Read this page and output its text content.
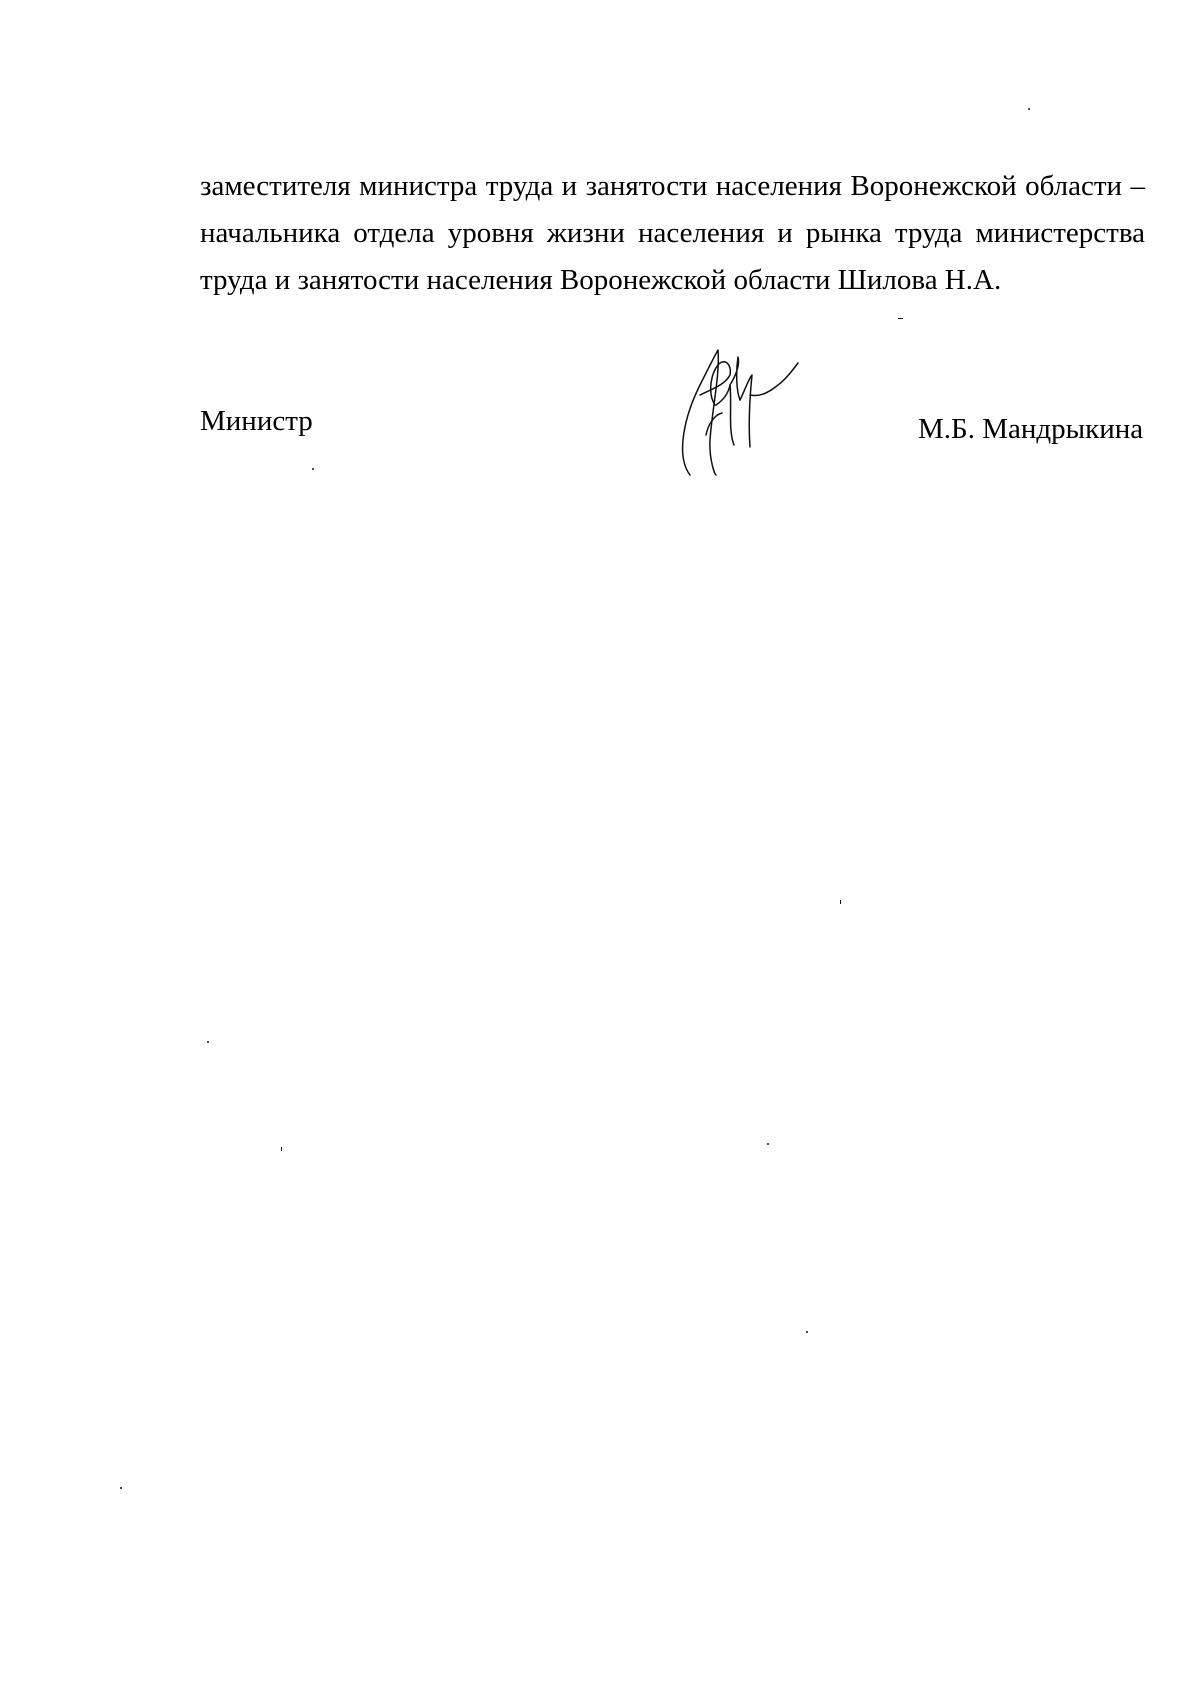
заместителя министра труда и занятости населения Воронежской области –
начальника отдела уровня жизни населения и рынка труда министерства
труда и занятости населения Воронежской области Шилова Н.А.
Министр	М.Б. Мандрыкина
